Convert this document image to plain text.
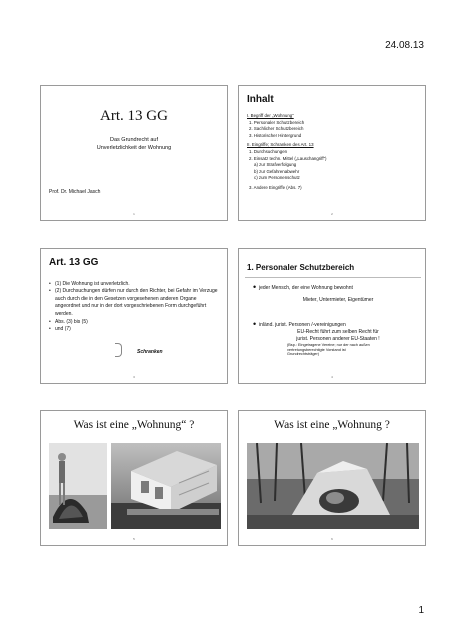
24.08.13
Art. 13 GG
Das Grundrecht auf
Unverletzlichkeit der Wohnung
Prof. Dr. Michael Jasch
1
Inhalt
I. Begriff der „Wohnung“
1. Personaler Schutzbereich
2. Sachlicher Schutzbereich
3. Historischer Hintergrund
II. Eingriffe; Schranken des Art. 13
1. Durchsuchungen
2. Einsatz techn. Mittel („Lauschangriff“)
a) zur Strafverfolgung
b) zur Gefahrenabwehr
c) zum Personenschutz
3. Andere Eingriffe (Abs. 7)
2
Art. 13 GG
• (1) Die Wohnung ist unverletzlich.
• (2) Durchsuchungen dürfen nur durch den Richter, bei Gefahr im Verzuge auch durch die in den Gesetzen vorgesehenen anderen Organe angeordnet und nur in der dort vorgeschriebenen Form durchgeführt werden.
• Abs. (3) bis (5)
• und (7)
Schranken
3
1. Personaler Schutzbereich
• jeder Mensch, der eine Wohnung bewohnt
Mieter, Untermieter, Eigentümer
• inländ. jurist. Personen /-vereinigungen
EU-Recht führt zum selben Recht für
jurist. Personen anderer EU-Staaten !
(Bsp.: Eingetragene Vereine; nur der nach außen
vertretungsberechtigte Vorstand ist
Grundrechtsträger)
4
Was ist eine „Wohnung“ ?
5
Was ist eine „Wohnung ?
6
1
